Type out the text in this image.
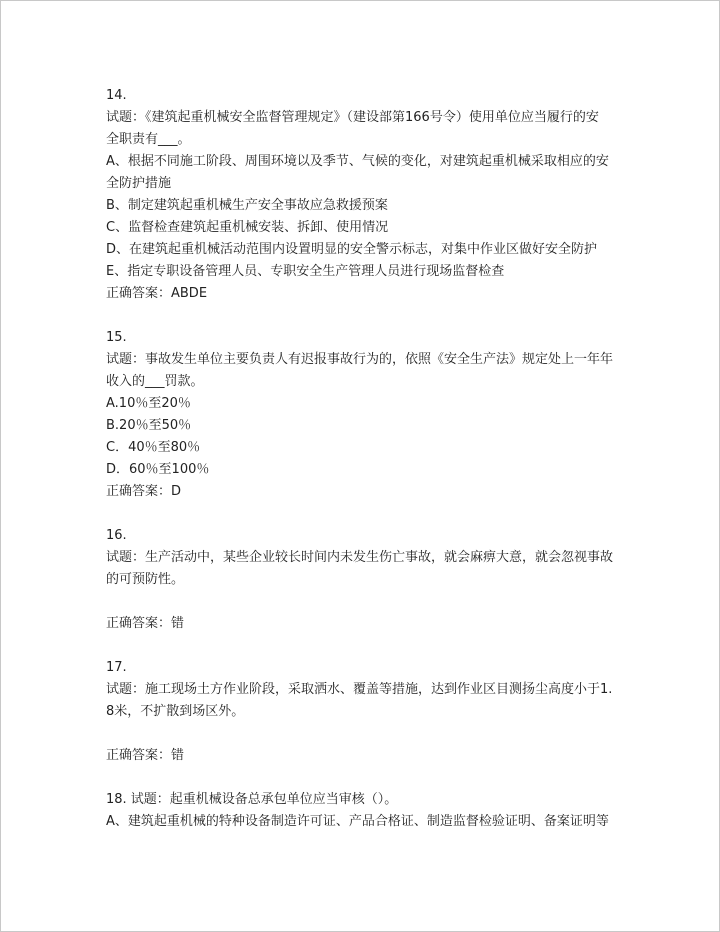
14.
试题：《建筑起重机械安全监督管理规定》（建设部第166号令）使用单位应当履行的安
全职责有___。
A、根据不同施工阶段、周围环境以及季节、气候的变化，对建筑起重机械采取相应的安
全防护措施
B、制定建筑起重机械生产安全事故应急救援预案
C、监督检查建筑起重机械安装、拆卸、使用情况
D、在建筑起重机械活动范围内设置明显的安全警示标志，对集中作业区做好安全防护
E、指定专职设备管理人员、专职安全生产管理人员进行现场监督检查
正确答案：ABDE
15.
试题：事故发生单位主要负责人有迟报事故行为的，依照《安全生产法》规定处上一年年
收入的___罚款。
A.10％至20％
B.20％至50％
C．40％至80％
D．60％至100％
正确答案：D
16.
试题：生产活动中，某些企业较长时间内未发生伤亡事故，就会麻痹大意，就会忽视事故
的可预防性。
正确答案：错
17.
试题：施工现场土方作业阶段，采取洒水、覆盖等措施，达到作业区目测扬尘高度小于1.
8米，不扩散到场区外。
正确答案：错
18. 试题：起重机械设备总承包单位应当审核（）。
A、建筑起重机械的特种设备制造许可证、产品合格证、制造监督检验证明、备案证明等
